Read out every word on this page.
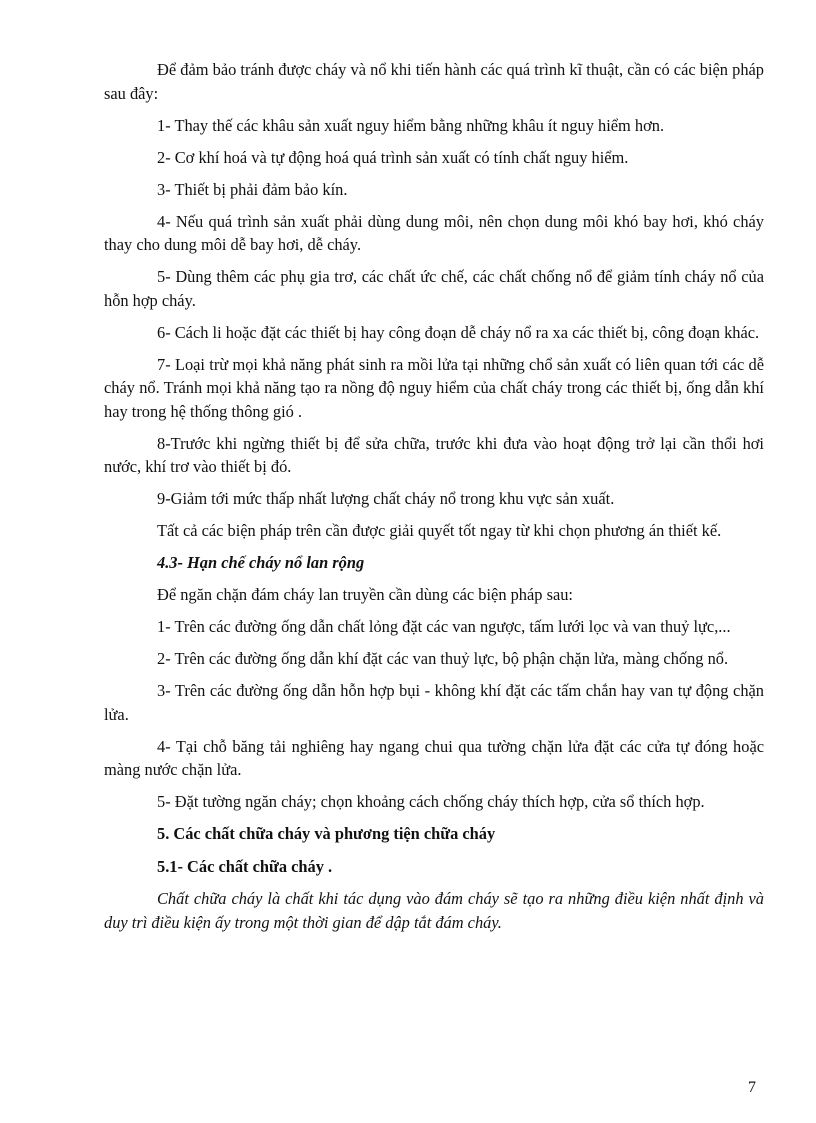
Để đảm bảo tránh được cháy và nổ khi tiến hành các quá trình kĩ thuật, cần có các biện pháp sau đây:

1- Thay thế các khâu sản xuất nguy hiểm bằng những khâu ít nguy hiểm hơn.

2- Cơ khí hoá và tự động hoá quá trình sản xuất có tính chất nguy hiểm.

3- Thiết bị phải đảm bảo kín.

4- Nếu quá trình sản xuất phải dùng dung môi, nên chọn dung môi khó bay hơi, khó cháy thay cho dung môi dễ bay hơi, dễ cháy.

5- Dùng thêm các phụ gia trơ, các chất ức chế, các chất chống nổ để giảm tính cháy nổ của hỗn hợp cháy.

6- Cách li hoặc đặt các thiết bị hay công đoạn dễ cháy nổ ra xa các thiết bị, công đoạn khác.

7- Loại trừ mọi khả năng phát sinh ra mồi lửa tại những chổ sản xuất có liên quan tới các dễ cháy nổ. Tránh mọi khả năng tạo ra nồng độ nguy hiểm của chất cháy trong các thiết bị, ống dẫn khí hay trong hệ thống thông gió .

8-Trước khi ngừng thiết bị để sửa chữa, trước khi đưa vào hoạt động trở lại cần thổi hơi nước, khí trơ vào thiết bị đó.

9-Giảm tới mức thấp nhất lượng chất cháy nổ trong khu vực sản xuất.

Tất cả các biện pháp trên cần được giải quyết tốt ngay từ khi chọn phương án thiết kế.

4.3- Hạn chế cháy nổ lan rộng

Để ngăn chặn đám cháy lan truyền cần dùng các biện pháp sau:

1- Trên các đường ống dẫn chất lỏng đặt các van ngược, tấm lưới lọc và van thuỷ lực,...

2- Trên các đường ống dẫn khí đặt các van thuỷ lực, bộ phận chặn lửa, màng chống nổ.

3- Trên các đường ống dẫn hỗn hợp bụi - không khí đặt các tấm chắn hay van tự động chặn lửa.

4- Tại chỗ băng tải nghiêng hay ngang chui qua tường chặn lửa đặt các cửa tự đóng hoặc màng nước chặn lửa.

5- Đặt tường ngăn cháy; chọn khoảng cách chống cháy thích hợp, cửa sổ thích hợp.

5. Các chất chữa cháy và phương tiện chữa cháy

5.1- Các chất chữa cháy .

Chất chữa cháy là chất khi tác dụng vào đám cháy sẽ tạo ra những điều kiện nhất định và duy trì điều kiện ấy trong một thời gian để dập tắt đám cháy.

7
